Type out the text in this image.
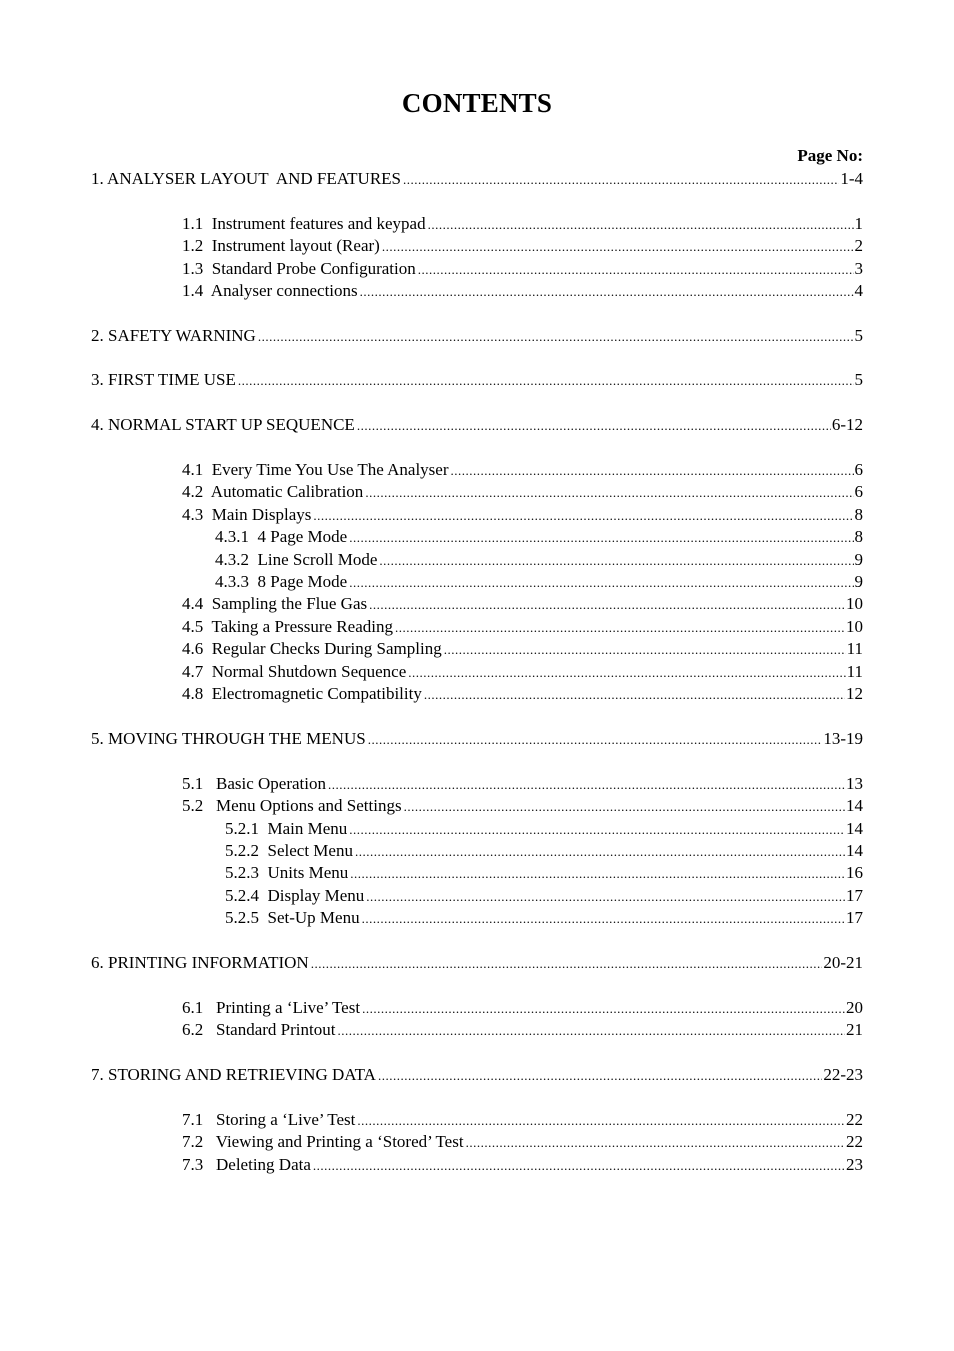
CONTENTS
Page No:
1. ANALYSER LAYOUT  AND FEATURES .....	1-4
1.1  Instrument features and keypad .....	1
1.2  Instrument layout (Rear) .....	2
1.3  Standard Probe Configuration .....	3
1.4  Analyser connections .....	4
2. SAFETY WARNING .....	5
3. FIRST TIME USE .....	5
4. NORMAL START UP SEQUENCE .....	6-12
4.1  Every Time You Use The Analyser .....	6
4.2  Automatic Calibration .....	6
4.3  Main Displays .....	8
4.3.1  4 Page Mode .....	8
4.3.2  Line Scroll Mode .....	9
4.3.3  8 Page Mode .....	9
4.4  Sampling the Flue Gas .....	10
4.5  Taking a Pressure Reading .....	10
4.6  Regular Checks During Sampling .....	11
4.7  Normal Shutdown Sequence .....	11
4.8  Electromagnetic Compatibility .....	12
5. MOVING THROUGH THE MENUS .....	13-19
5.1   Basic Operation .....	13
5.2   Menu Options and Settings .....	14
5.2.1  Main Menu .....	14
5.2.2  Select Menu .....	14
5.2.3  Units Menu .....	16
5.2.4  Display Menu .....	17
5.2.5  Set-Up Menu .....	17
6. PRINTING INFORMATION .....	20-21
6.1   Printing a ‘Live’ Test .....	20
6.2   Standard Printout .....	21
7. STORING AND RETRIEVING DATA .....	22-23
7.1   Storing a ‘Live’ Test .....	22
7.2   Viewing and Printing a ‘Stored’ Test .....	22
7.3   Deleting Data .....	23
